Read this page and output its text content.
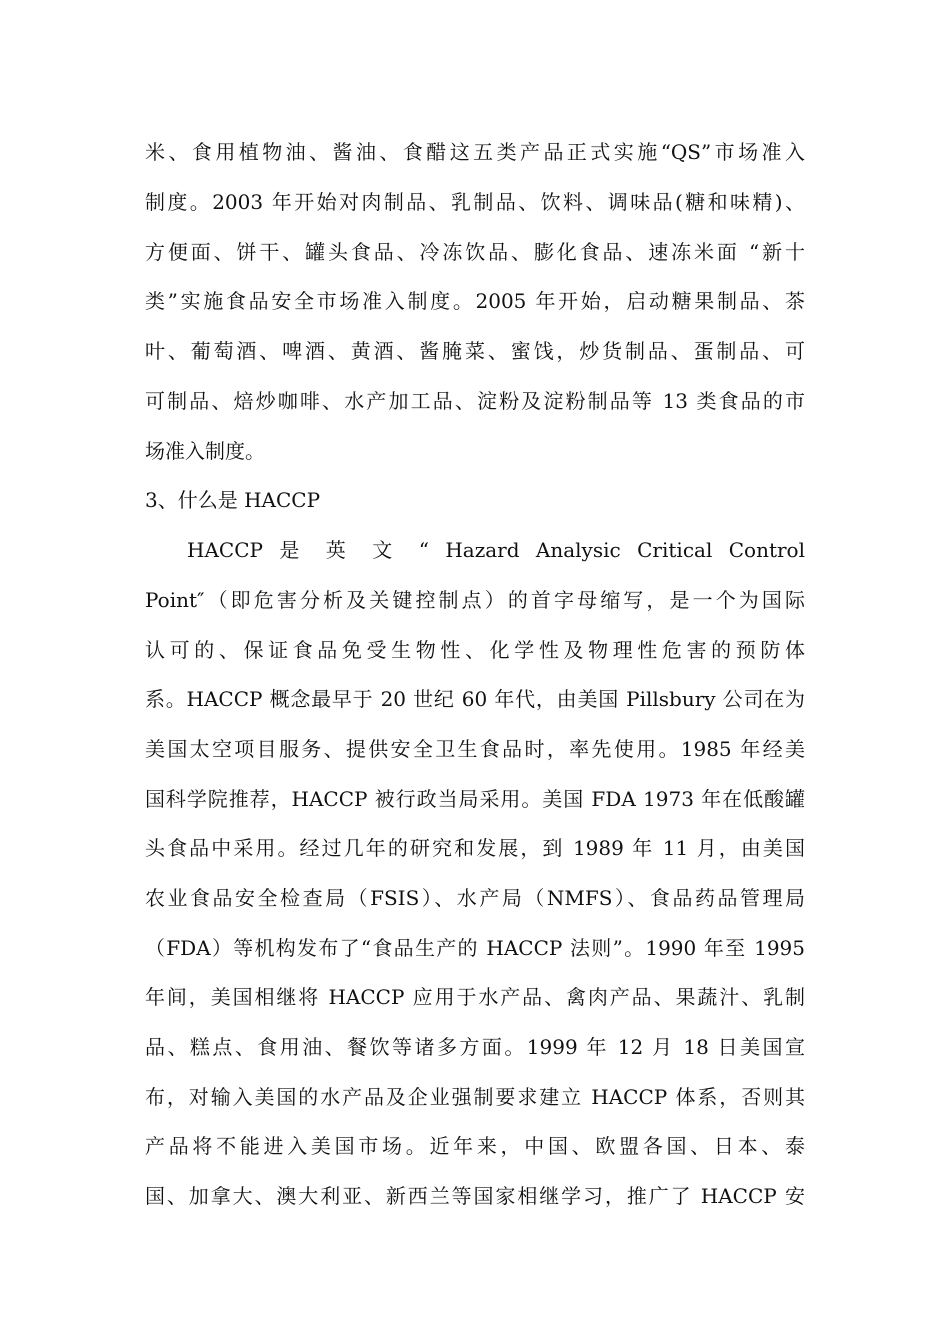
米、食用植物油、酱油、食醋这五类产品正式实施“QS”市场准入
制度。2003 年开始对肉制品、乳制品、饮料、调味品(糖和味精)、
方便面、饼干、罐头食品、冷冻饮品、膨化食品、速冻米面 “新十
类”实施食品安全市场准入制度。2005 年开始，启动糖果制品、茶
叶、葡萄酒、啤酒、黄酒、酱腌菜、蜜饯，炒货制品、蛋制品、可
可制品、焙炒咖啡、水产加工品、淀粉及淀粉制品等 13 类食品的市
场准入制度。
3、什么是 HACCP
HACCP 是 英 文 “ Hazard Analysic Critical Control
Point″（即危害分析及关键控制点）的首字母缩写，是一个为国际
认可的、保证食品免受生物性、化学性及物理性危害的预防体
系。HACCP 概念最早于 20 世纪 60 年代，由美国 Pillsbury 公司在为
美国太空项目服务、提供安全卫生食品时，率先使用。1985 年经美
国科学院推荐，HACCP 被行政当局采用。美国 FDA 1973 年在低酸罐
头食品中采用。经过几年的研究和发展，到 1989 年 11 月，由美国
农业食品安全检查局（FSIS）、水产局（NMFS）、食品药品管理局
（FDA）等机构发布了“食品生产的 HACCP 法则”。1990 年至 1995
年间，美国相继将 HACCP 应用于水产品、禽肉产品、果蔬汁、乳制
品、糕点、食用油、餐饮等诸多方面。1999 年 12 月 18 日美国宣
布，对输入美国的水产品及企业强制要求建立 HACCP 体系，否则其
产品将不能进入美国市场。近年来，中国、欧盟各国、日本、泰
国、加拿大、澳大利亚、新西兰等国家相继学习，推广了 HACCP 安
